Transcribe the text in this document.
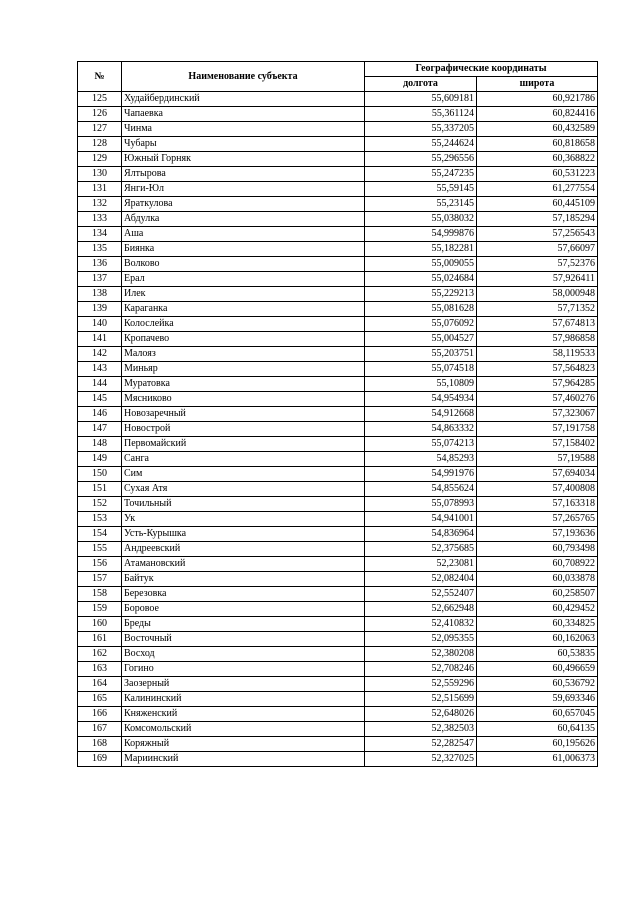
№	Наименование субъекта	Географические координаты	
		долгота	широта
125	Худайбердинский	55,609181	60,921786
126	Чапаевка	55,361124	60,824416
127	Чинма	55,337205	60,432589
128	Чубары	55,244624	60,818658
129	Южный Горняк	55,296556	60,368822
130	Ялтырова	55,247235	60,531223
131	Янги-Юл	55,59145	61,277554
132	Яраткулова	55,23145	60,445109
133	Абдулка	55,038032	57,185294
134	Аша	54,999876	57,256543
135	Биянка	55,182281	57,66097
136	Волково	55,009055	57,52376
137	Ерал	55,024684	57,926411
138	Илек	55,229213	58,000948
139	Караганка	55,081628	57,71352
140	Колослейка	55,076092	57,674813
141	Кропачево	55,004527	57,986858
142	Малояз	55,203751	58,119533
143	Миньяр	55,074518	57,564823
144	Муратовка	55,10809	57,964285
145	Мясниково	54,954934	57,460276
146	Новозаречный	54,912668	57,323067
147	Новострой	54,863332	57,191758
148	Первомайский	55,074213	57,158402
149	Санга	54,85293	57,19588
150	Сим	54,991976	57,694034
151	Сухая Атя	54,855624	57,400808
152	Точильный	55,078993	57,163318
153	Ук	54,941001	57,265765
154	Усть-Курышка	54,836964	57,193636
155	Андреевский	52,375685	60,793498
156	Атамановский	52,23081	60,708922
157	Байтук	52,082404	60,033878
158	Березовка	52,552407	60,258507
159	Боровое	52,662948	60,429452
160	Бреды	52,410832	60,334825
161	Восточный	52,095355	60,162063
162	Восход	52,380208	60,53835
163	Гогино	52,708246	60,496659
164	Заозерный	52,559296	60,536792
165	Калининский	52,515699	59,693346
166	Княженский	52,648026	60,657045
167	Комсомольский	52,382503	60,64135
168	Коряжный	52,282547	60,195626
169	Мариинский	52,327025	61,006373
